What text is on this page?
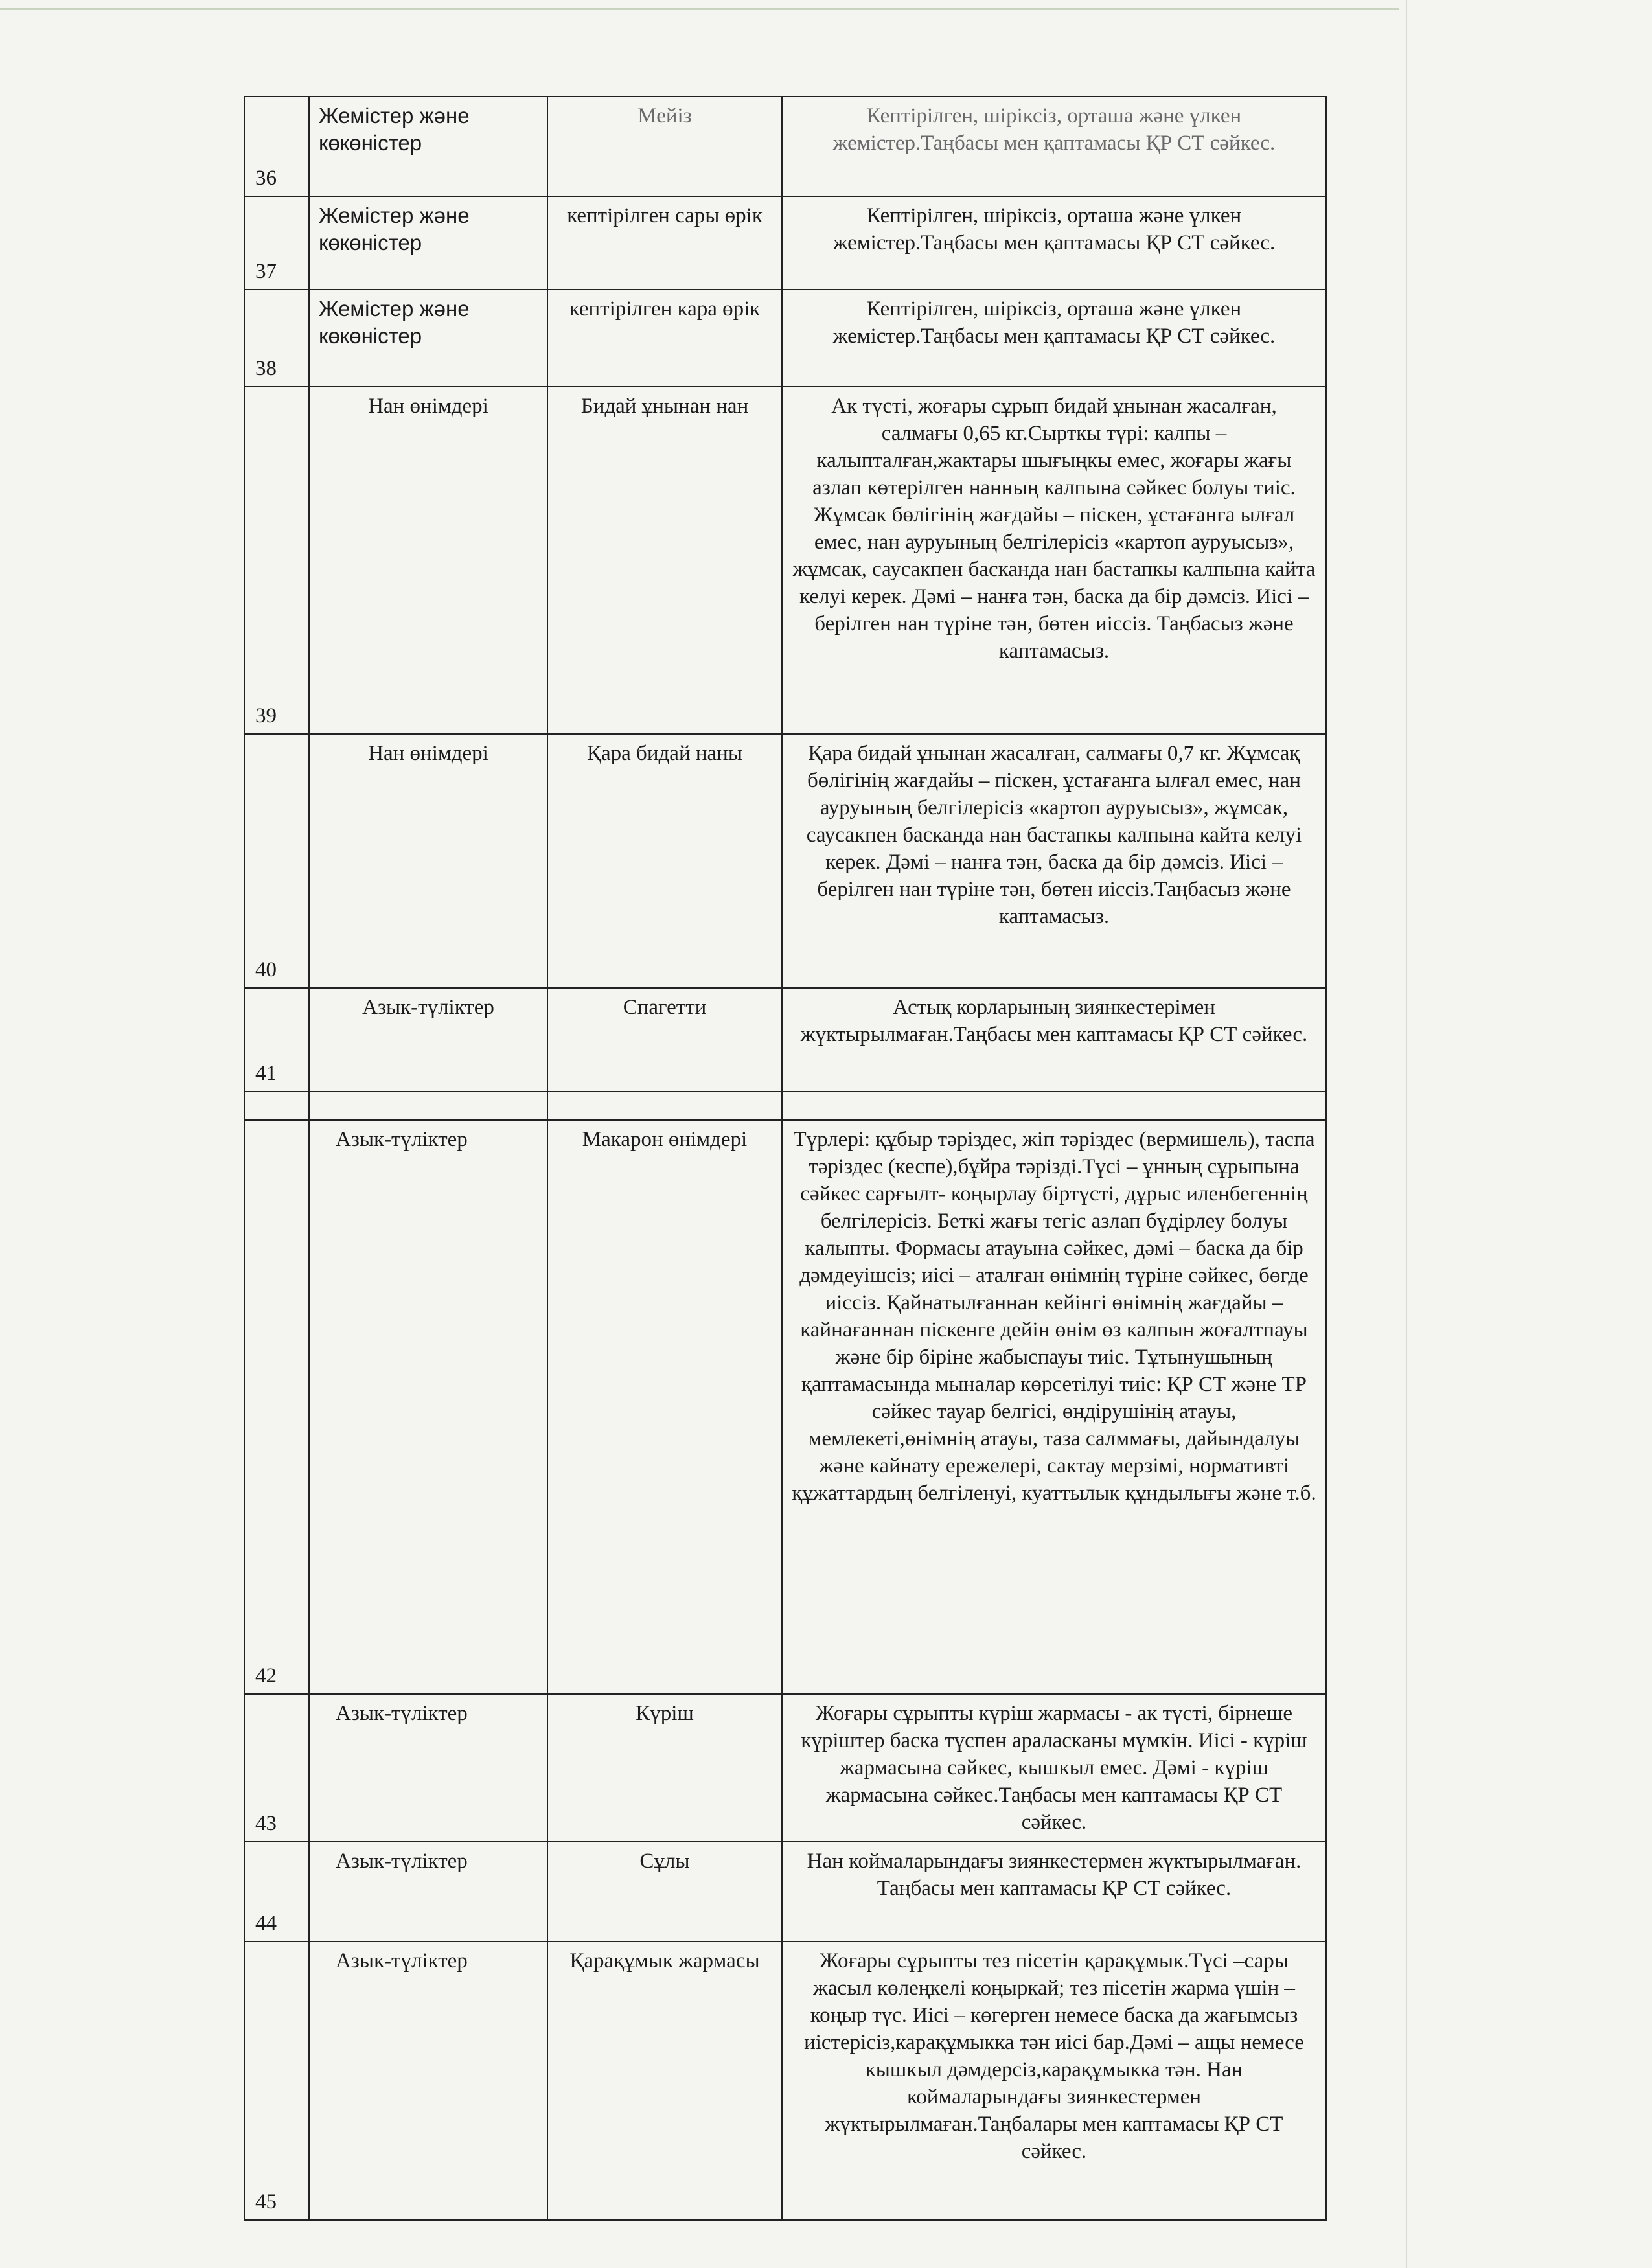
36	Жемістер және көкөністер	Мейіз	Кептірілген, шіріксіз, орташа және үлкен жемістер.Таңбасы мен қаптамасы ҚР СТ сәйкес.
37	Жемістер және көкөністер	кептірілген сары өрік	Кептірілген, шіріксіз, орташа және үлкен жемістер.Таңбасы мен қаптамасы ҚР СТ сәйкес.
38	Жемістер және көкөністер	кептірілген кара өрік	Кептірілген, шіріксіз, орташа және үлкен жемістер.Таңбасы мен қаптамасы ҚР СТ сәйкес.
39	Нан өнімдері	Бидай ұнынан нан	Ак түсті, жоғары сұрып бидай ұнынан жасалған, салмағы 0,65 кг.Сырткы түрі: калпы –калыпталған,жактары шығыңкы емес, жоғары жағы азлап көтерілген нанның калпына сәйкес болуы тиіс. Жұмсак бөлігінің жағдайы – піскен, ұстағанга ылғал емес, нан ауруының белгілерісіз «картоп ауруысыз», жұмсак, саусакпен басканда нан бастапкы калпына кайта келуі керек. Дәмі – нанға тән, баска да бір дәмсіз. Иісі – берілген нан түріне тән, бөтен иіссіз. Таңбасыз және каптамасыз.
40	Нан өнімдері	Қара бидай наны	Қара бидай ұнынан жасалған, салмағы 0,7 кг. Жұмсақ бөлігінің жағдайы – піскен, ұстағанга ылғал емес, нан ауруының белгілерісіз «картоп ауруысыз», жұмсак, саусакпен басканда нан бастапкы калпына кайта келуі керек. Дәмі – нанға тән, баска да бір дәмсіз. Иісі – берілген нан түріне тән, бөтен иіссіз.Таңбасыз және каптамасыз.
41	Азык-түліктер	Спагетти	Астық корларының зиянкестерімен жүктырылмаған.Таңбасы мен каптамасы ҚР СТ сәйкес.

42	Азык-түліктер	Макарон өнімдері	Түрлері: құбыр тәріздес, жіп тәріздес (вермишель), таспа тәріздес (кеспе),бұйра тәрізді.Түсі – ұнның сұрыпына сәйкес сарғылт- коңырлау біртүсті, дұрыс иленбегеннің белгілерісіз. Беткі жағы тегіс азлап бүдірлеу болуы калыпты. Формасы атауына сәйкес, дәмі – баска да бір дәмдеуішсіз; иісі – аталған өнімнің түріне сәйкес, бөгде иіссіз. Қайнатылғаннан кейінгі өнімнің жағдайы – кайнағаннан піскенге дейін өнім өз калпын жоғалтпауы және бір біріне жабыспауы тиіс. Тұтынушының қаптамасында мыналар көрсетілуі тиіс: ҚР СТ және ТР сәйкес тауар белгісі, өндірушінің атауы, мемлекеті,өнімнің атауы, таза салммағы, дайындалуы және кайнату ережелері, сактау мерзімі, нормативті құжаттардың белгіленуі, куаттылык құндылығы және т.б.
43	Азык-түліктер	Күріш	Жоғары сұрыпты күріш жармасы - ак түсті, бірнеше күріштер баска түспен араласканы мүмкін. Иісі - күріш жармасына сәйкес, кышкыл емес. Дәмі - күріш жармасына сәйкес.Таңбасы мен каптамасы ҚР СТ сәйкес.
44	Азык-түліктер	Сұлы	Нан коймаларындағы зиянкестермен жүктырылмаған. Таңбасы мен каптамасы ҚР СТ сәйкес.
45	Азык-түліктер	Қарақұмык жармасы	Жоғары сұрыпты тез пісетін қарақұмык.Түсі –сары жасыл көлеңкелі коңыркай; тез пісетін жарма үшін – коңыр түс. Иісі – көгерген немесе баска да жағымсыз иістерісіз,карақұмыкка тән иісі бар.Дәмі – ащы немесе кышкыл дәмдерсіз,карақұмыкка тән. Нан коймаларындағы зиянкестермен жүктырылмаған.Таңбалары мен каптамасы ҚР СТ сәйкес.
